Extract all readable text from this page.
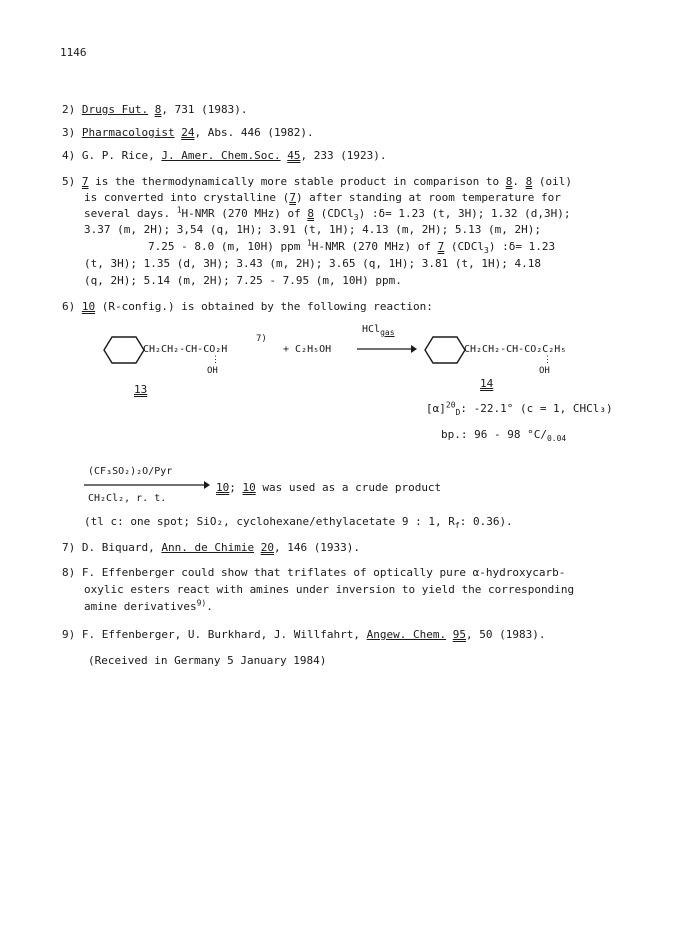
1146
2) Drugs Fut. 8, 731 (1983).
3) Pharmacologist 24, Abs. 446 (1982).
4) G. P. Rice, J. Amer. Chem.Soc. 45, 233 (1923).
5) 7 is the thermodynamically more stable product in comparison to 8. 8 (oil)
is converted into crystalline (7) after standing at room temperature for
several days. $^1$H-NMR (270 MHz) of 8 (CDCl$_3$) :δ= 1.23 (t, 3H); 1.32 (d,3H);
3.37 (m, 2H); 3,54 (q, 1H); 3.91 (t, 1H); 4.13 (m, 2H); 5.13 (m, 2H);
7.25 - 8.0 (m, 10H) ppm $^1$H-NMR (270 MHz) of 7 (CDCl$_3$) :δ= 1.23
(t, 3H); 1.35 (d, 3H); 3.43 (m, 2H); 3.65 (q, 1H); 3.81 (t, 1H); 4.18
(q, 2H); 5.14 (m, 2H); 7.25 - 7.95 (m, 10H) ppm.
6) 10 (R-config.) is obtained by the following reaction:
CH₂CH₂-CH-CO₂H
7)
⋮
OH
13
+ C₂H₅OH
HCl$_{gas}$
CH₂CH₂-CH-CO₂C₂H₅
⋮
OH
14
$[\alpha]^{20}_D$: -22.1° (c = 1, CHCl₃)
bp.: 96 - 98 $^\circ C/_{0.04}$
(CF₃SO₂)₂O/Pyr
CH₂Cl₂, r. t.
10; 10 was used as a crude product
(tl c: one spot; SiO₂, cyclohexane/ethylacetate 9 : 1, $R_f$: 0.36).
7) D. Biquard, Ann. de Chimie 20, 146 (1933).
8) F. Effenberger could show that triflates of optically pure α-hydroxycarb-
oxylic esters react with amines under inversion to yield the corresponding
amine derivatives$^{9)}$.
9) F. Effenberger, U. Burkhard, J. Willfahrt, Angew. Chem. 95, 50 (1983).
(Received in Germany 5 January 1984)
